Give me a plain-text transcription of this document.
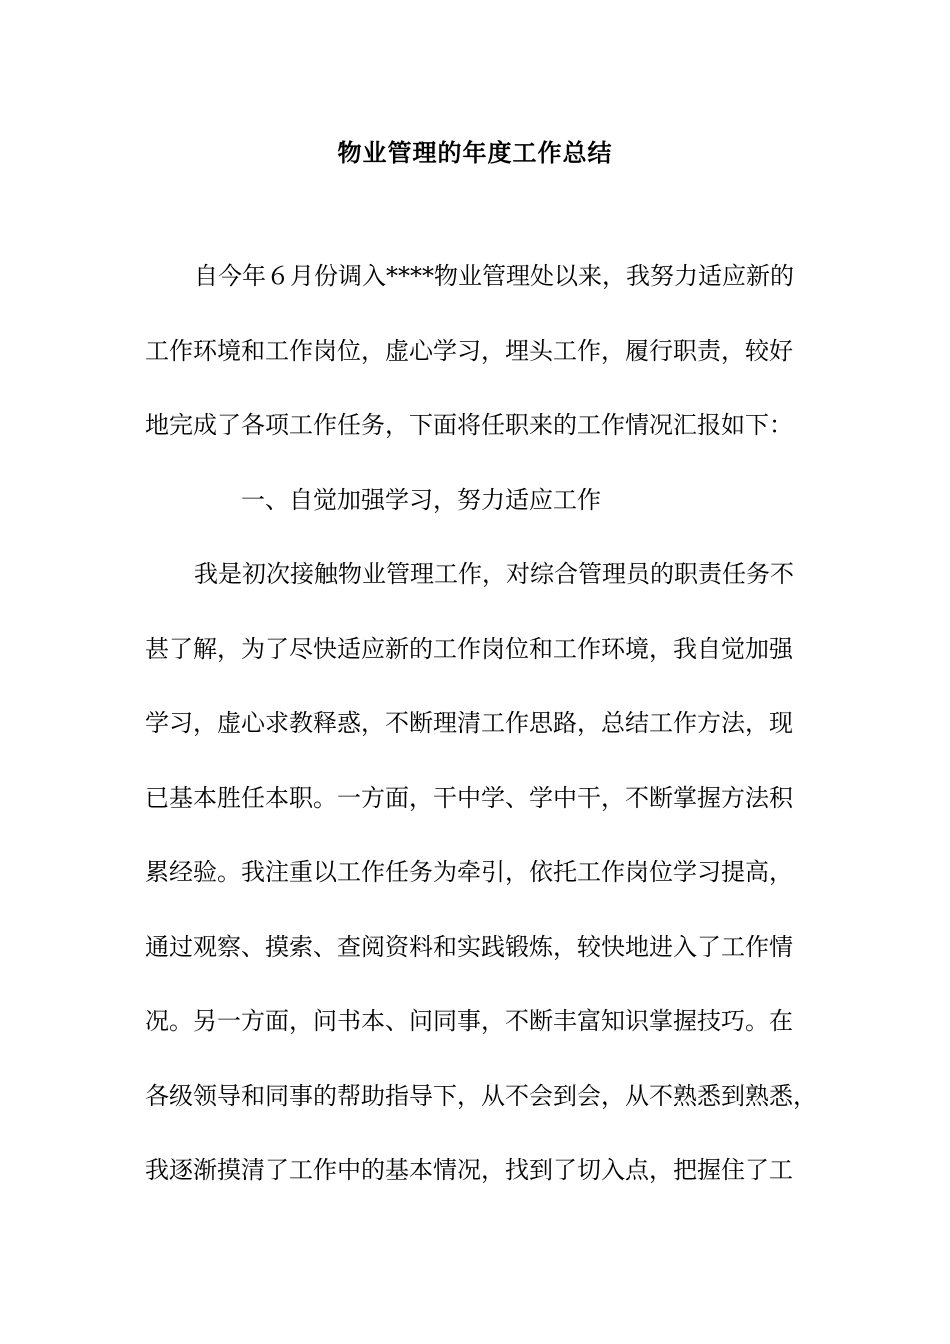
物业管理的年度工作总结
自今年６月份调入****物业管理处以来，我努力适应新的
工作环境和工作岗位，虚心学习，埋头工作，履行职责，较好
地完成了各项工作任务，下面将任职来的工作情况汇报如下：
一、自觉加强学习，努力适应工作
我是初次接触物业管理工作，对综合管理员的职责任务不
甚了解，为了尽快适应新的工作岗位和工作环境，我自觉加强
学习，虚心求教释惑，不断理清工作思路，总结工作方法，现
已基本胜任本职。一方面，干中学、学中干，不断掌握方法积
累经验。我注重以工作任务为牵引，依托工作岗位学习提高，
通过观察、摸索、查阅资料和实践锻炼，较快地进入了工作情
况。另一方面，问书本、问同事，不断丰富知识掌握技巧。在
各级领导和同事的帮助指导下，从不会到会，从不熟悉到熟悉，
我逐渐摸清了工作中的基本情况，找到了切入点，把握住了工
